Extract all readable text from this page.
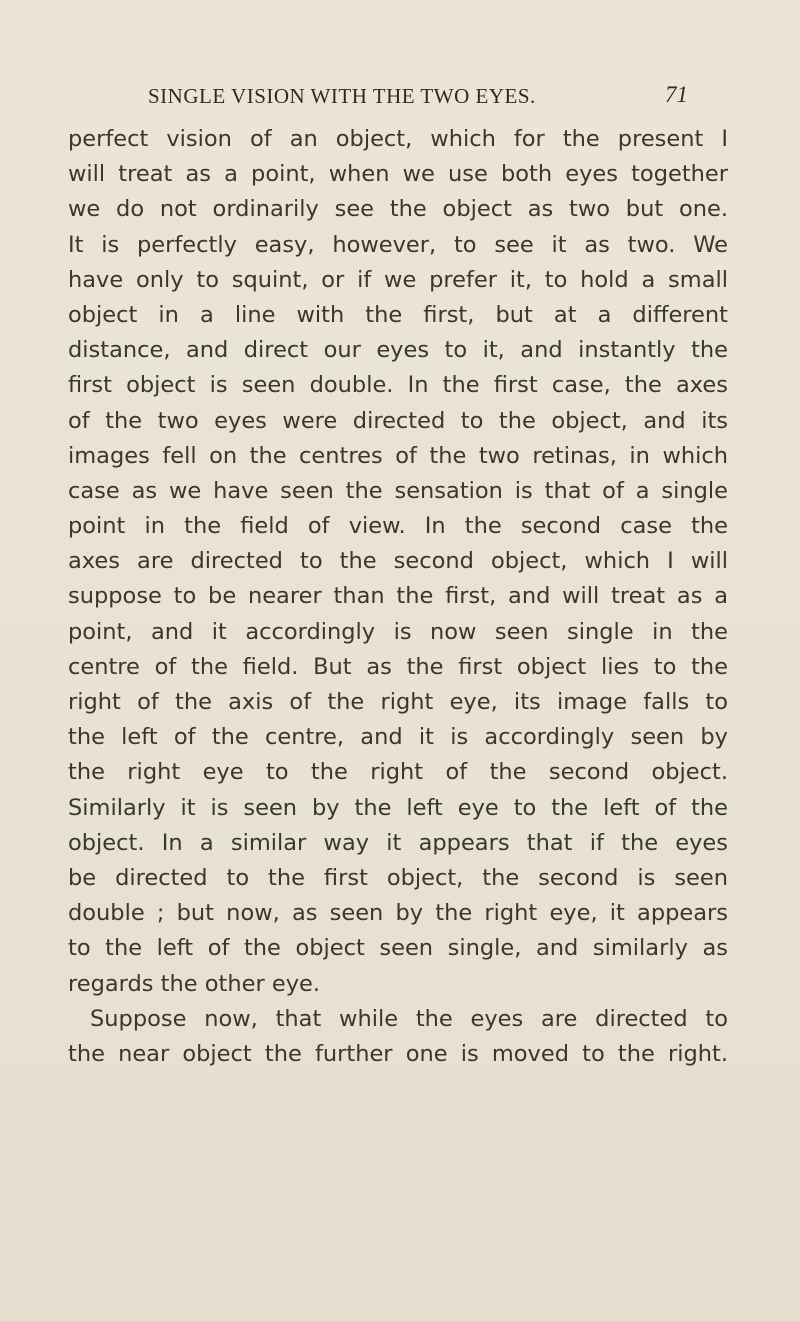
SINGLE VISION WITH THE TWO EYES.	71
perfect vision of an object, which for the present I
will treat as a point, when we use both eyes together
we do not ordinarily see the object as two but one.
It is perfectly easy, however, to see it as two. We
have only to squint, or if we prefer it, to hold a small
object in a line with the first, but at a different
distance, and direct our eyes to it, and instantly the
first object is seen double. In the first case, the axes
of the two eyes were directed to the object, and its
images fell on the centres of the two retinas, in which
case as we have seen the sensation is that of a single
point in the field of view. In the second case the
axes are directed to the second object, which I will
suppose to be nearer than the first, and will treat as a
point, and it accordingly is now seen single in the
centre of the field. But as the first object lies to the
right of the axis of the right eye, its image falls to
the left of the centre, and it is accordingly seen by
the right eye to the right of the second object.
Similarly it is seen by the left eye to the left of the
object. In a similar way it appears that if the eyes
be directed to the first object, the second is seen
double ; but now, as seen by the right eye, it appears
to the left of the object seen single, and similarly as
regards the other eye.
Suppose now, that while the eyes are directed to
the near object the further one is moved to the right.
